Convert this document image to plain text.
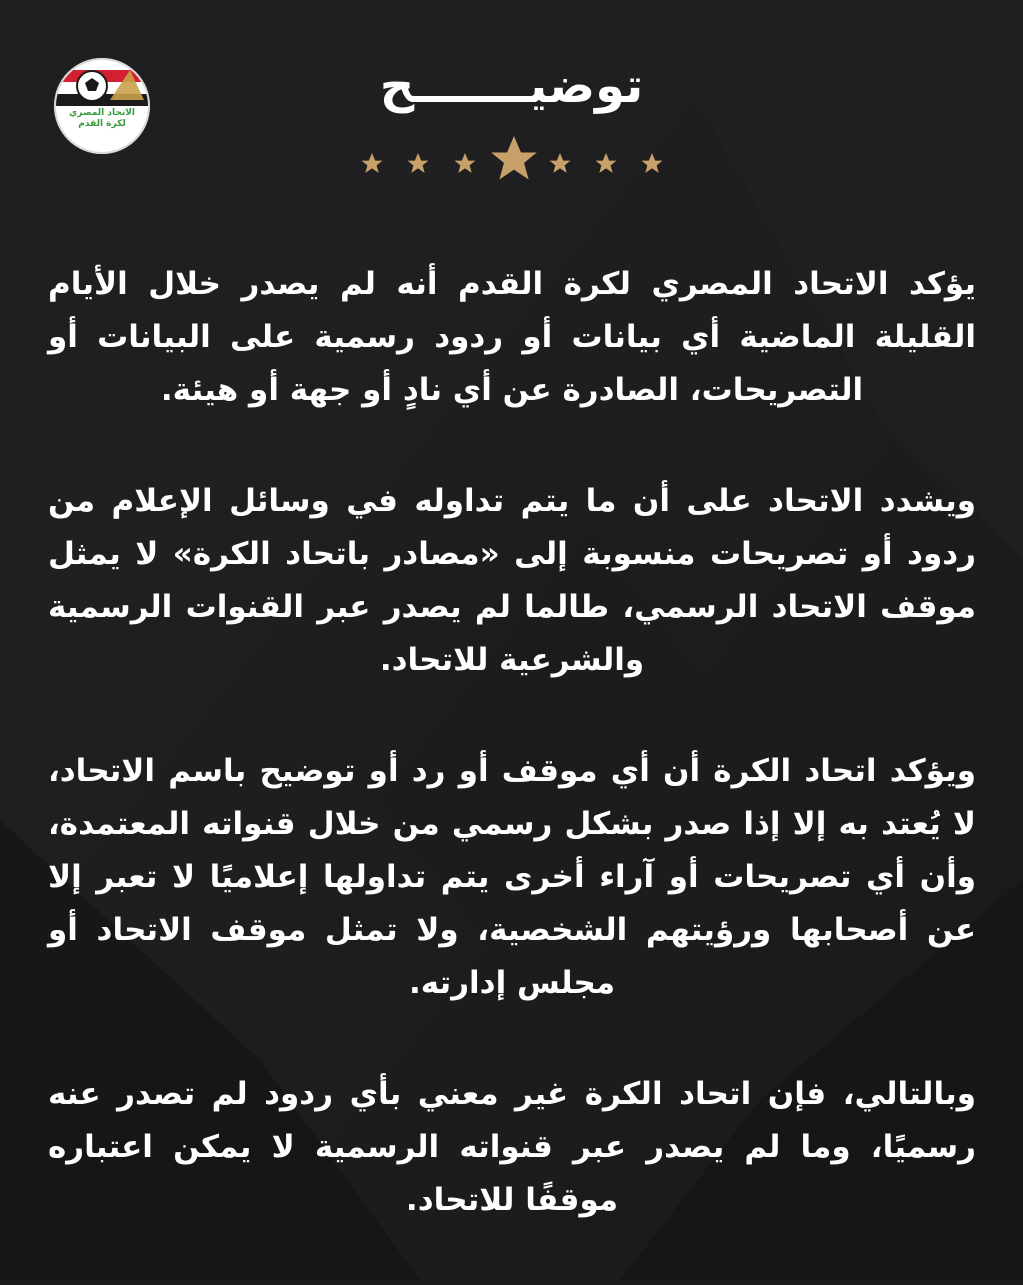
الاتحاد المصري لكرة القدم
EGYPTIAN FA
توضيـــــــح

يؤكد الاتحاد المصري لكرة القدم أنه لم يصدر خلال الأيام القليلة الماضية أي بيانات أو ردود رسمية على البيانات أو التصريحات، الصادرة عن أي نادٍ أو جهة أو هيئة.

ويشدد الاتحاد على أن ما يتم تداوله في وسائل الإعلام من ردود أو تصريحات منسوبة إلى «مصادر باتحاد الكرة» لا يمثل موقف الاتحاد الرسمي، طالما لم يصدر عبر القنوات الرسمية والشرعية للاتحاد.

ويؤكد اتحاد الكرة أن أي موقف أو رد أو توضيح باسم الاتحاد، لا يُعتد به إلا إذا صدر بشكل رسمي من خلال قنواته المعتمدة، وأن أي تصريحات أو آراء أخرى يتم تداولها إعلاميًا لا تعبر إلا عن أصحابها ورؤيتهم الشخصية، ولا تمثل موقف الاتحاد أو مجلس إدارته.

وبالتالي، فإن اتحاد الكرة غير معني بأي ردود لم تصدر عنه رسميًا، وما لم يصدر عبر قنواته الرسمية لا يمكن اعتباره موقفًا للاتحاد.
